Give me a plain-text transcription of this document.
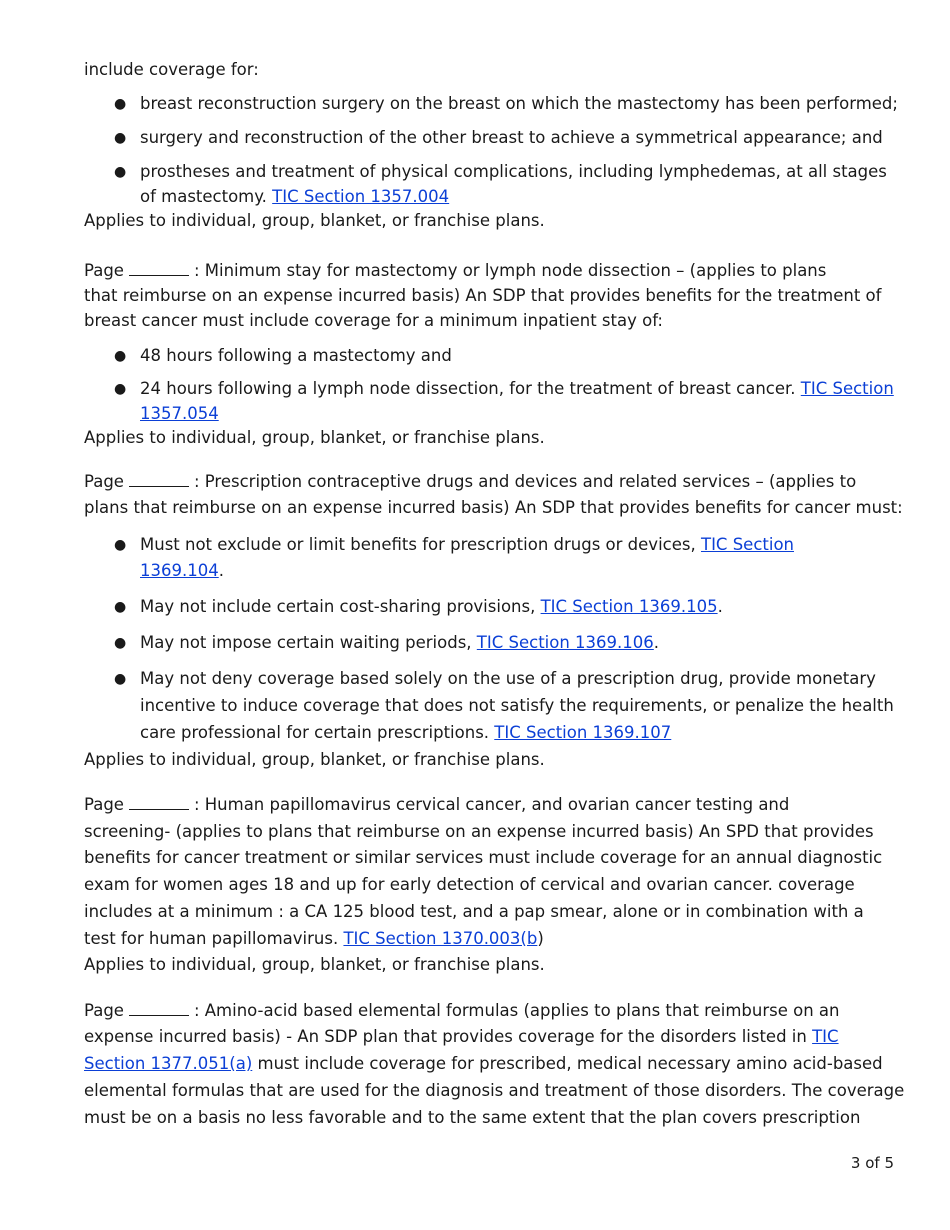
include coverage for:
● breast reconstruction surgery on the breast on which the mastectomy has been performed;
● surgery and reconstruction of the other breast to achieve a symmetrical appearance; and
● prostheses and treatment of physical complications, including lymphedemas, at all stages
of mastectomy. TIC Section 1357.004
Applies to individual, group, blanket, or franchise plans.
Page	: Minimum stay for mastectomy or lymph node dissection – (applies to plans
that reimburse on an expense incurred basis) An SDP that provides benefits for the treatment of
breast cancer must include coverage for a minimum inpatient stay of:
● 48 hours following a mastectomy and
● 24 hours following a lymph node dissection, for the treatment of breast cancer. TIC Section
1357.054
Applies to individual, group, blanket, or franchise plans.
Page	: Prescription contraceptive drugs and devices and related services – (applies to
plans that reimburse on an expense incurred basis) An SDP that provides benefits for cancer must:
● Must not exclude or limit benefits for prescription drugs or devices, TIC Section
1369.104.
● May not include certain cost-sharing provisions, TIC Section 1369.105.
● May not impose certain waiting periods, TIC Section 1369.106.
● May not deny coverage based solely on the use of a prescription drug, provide monetary
incentive to induce coverage that does not satisfy the requirements, or penalize the health
care professional for certain prescriptions. TIC Section 1369.107
Applies to individual, group, blanket, or franchise plans.
Page	: Human papillomavirus cervical cancer, and ovarian cancer testing and
screening- (applies to plans that reimburse on an expense incurred basis) An SPD that provides
benefits for cancer treatment or similar services must include coverage for an annual diagnostic
exam for women ages 18 and up for early detection of cervical and ovarian cancer. coverage
includes at a minimum : a CA 125 blood test, and a pap smear, alone or in combination with a
test for human papillomavirus. TIC Section 1370.003(b)
Applies to individual, group, blanket, or franchise plans.
Page	: Amino-acid based elemental formulas (applies to plans that reimburse on an
expense incurred basis) - An SDP plan that provides coverage for the disorders listed in TIC
Section 1377.051(a) must include coverage for prescribed, medical necessary amino acid-based
elemental formulas that are used for the diagnosis and treatment of those disorders. The coverage
must be on a basis no less favorable and to the same extent that the plan covers prescription
3 of 5
